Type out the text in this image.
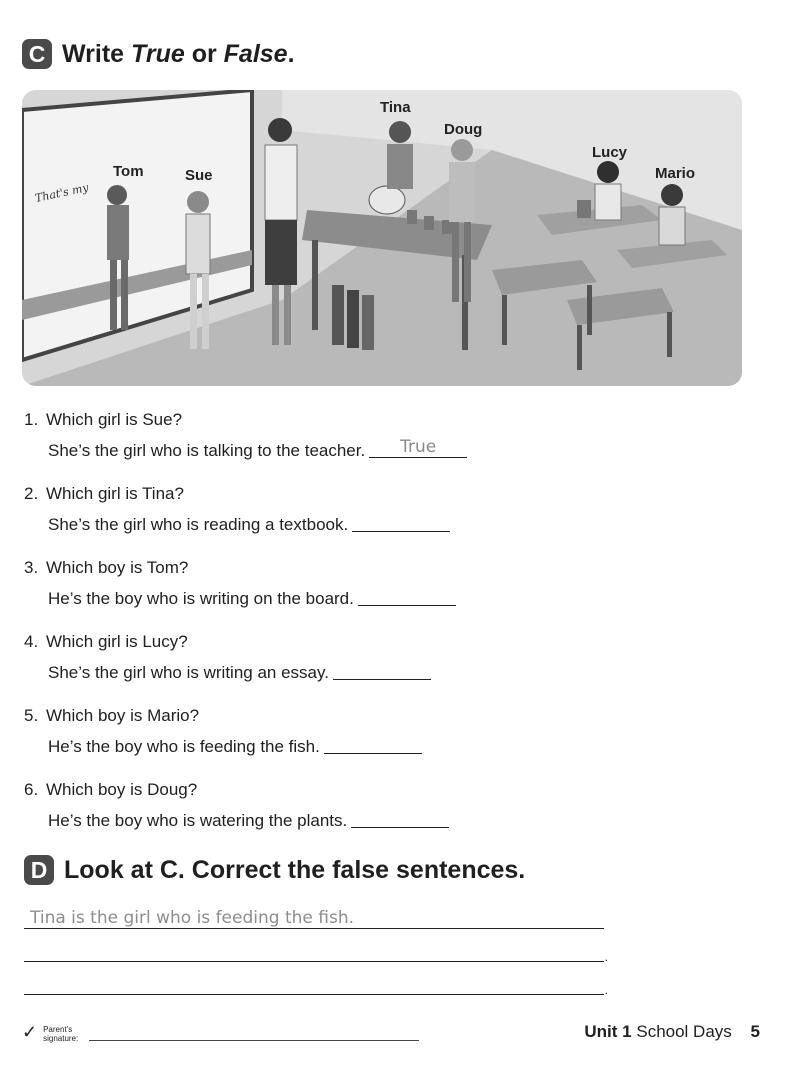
C Write True or False.
That's my
Tom	Sue
Tina
Doug
Lucy
Mario
1. Which girl is Sue?
She’s the girl who is talking to the teacher.	True
2. Which girl is Tina?
She’s the girl who is reading a textbook.
3. Which boy is Tom?
He’s the boy who is writing on the board.
4. Which girl is Lucy?
She’s the girl who is writing an essay.
5. Which boy is Mario?
He’s the boy who is feeding the fish.
6. Which boy is Doug?
He’s the boy who is watering the plants.
D Look at C. Correct the false sentences.
Tina is the girl who is feeding the fish.
.
.
✓ Parent’s signature:	Unit 1 School Days 5
